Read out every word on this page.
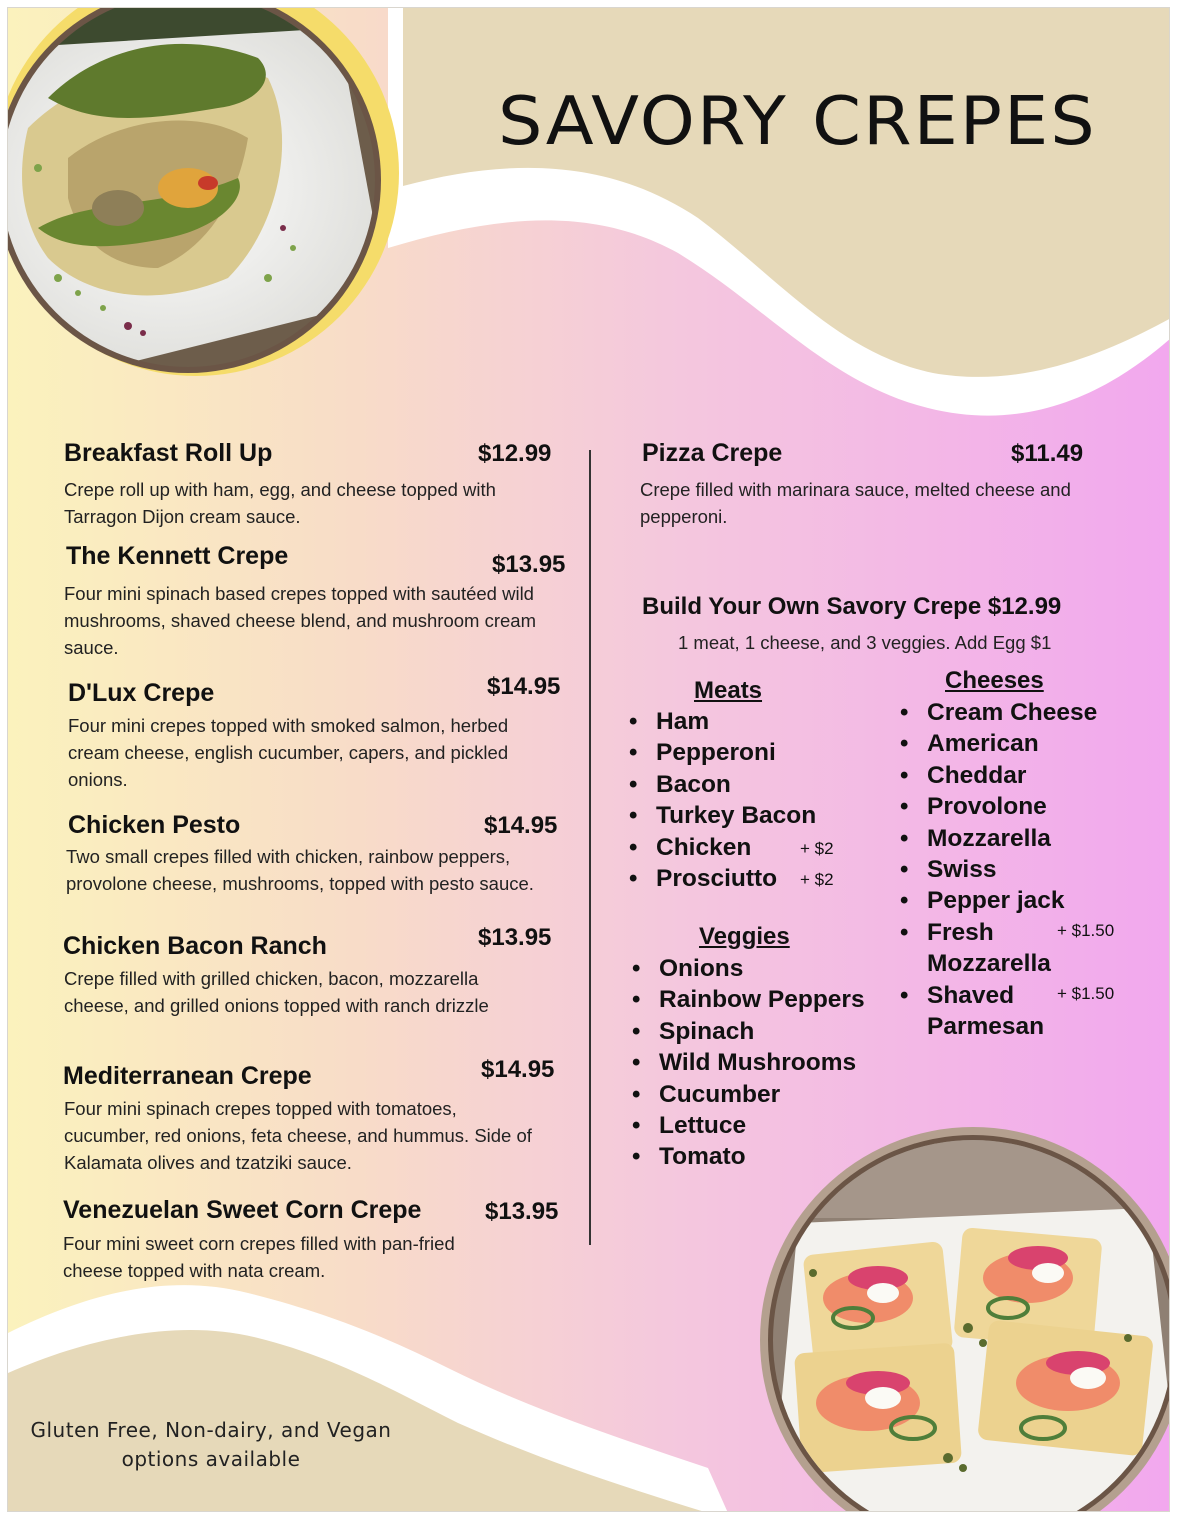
SAVORY CREPES
Breakfast Roll Up	$12.99
Crepe roll up with ham, egg, and cheese topped with Tarragon Dijon cream sauce.
The Kennett Crepe	$13.95
Four mini spinach based crepes topped with sautéed wild mushrooms, shaved cheese blend, and mushroom cream sauce.
D'Lux Crepe	$14.95
Four mini crepes topped with smoked salmon, herbed cream cheese, english cucumber, capers, and pickled onions.
Chicken Pesto	$14.95
Two small crepes filled with chicken, rainbow peppers, provolone cheese, mushrooms, topped with pesto sauce.
Chicken Bacon Ranch	$13.95
Crepe filled with grilled chicken, bacon, mozzarella cheese, and grilled onions topped with ranch drizzle
Mediterranean Crepe	$14.95
Four mini spinach crepes topped with tomatoes, cucumber, red onions, feta cheese, and hummus. Side of Kalamata olives and tzatziki sauce.
Venezuelan Sweet Corn Crepe	$13.95
Four mini sweet corn crepes filled with pan-fried cheese topped with nata cream.
Pizza Crepe	$11.49
Crepe filled with marinara sauce, melted cheese and pepperoni.
Build Your Own Savory Crepe $12.99
1 meat, 1 cheese, and 3 veggies. Add Egg $1
Meats
• Ham
• Pepperoni
• Bacon
• Turkey Bacon
• Chicken	+ $2
• Prosciutto + $2
Veggies
• Onions
• Rainbow Peppers
• Spinach
• Wild Mushrooms
• Cucumber
• Lettuce
• Tomato
Cheeses
• Cream Cheese
• American
• Cheddar
• Provolone
• Mozzarella
• Swiss
• Pepper jack
• Fresh	+ $1.50
Mozzarella
• Shaved	+ $1.50
Parmesan
Gluten Free, Non-dairy, and Vegan
options available
